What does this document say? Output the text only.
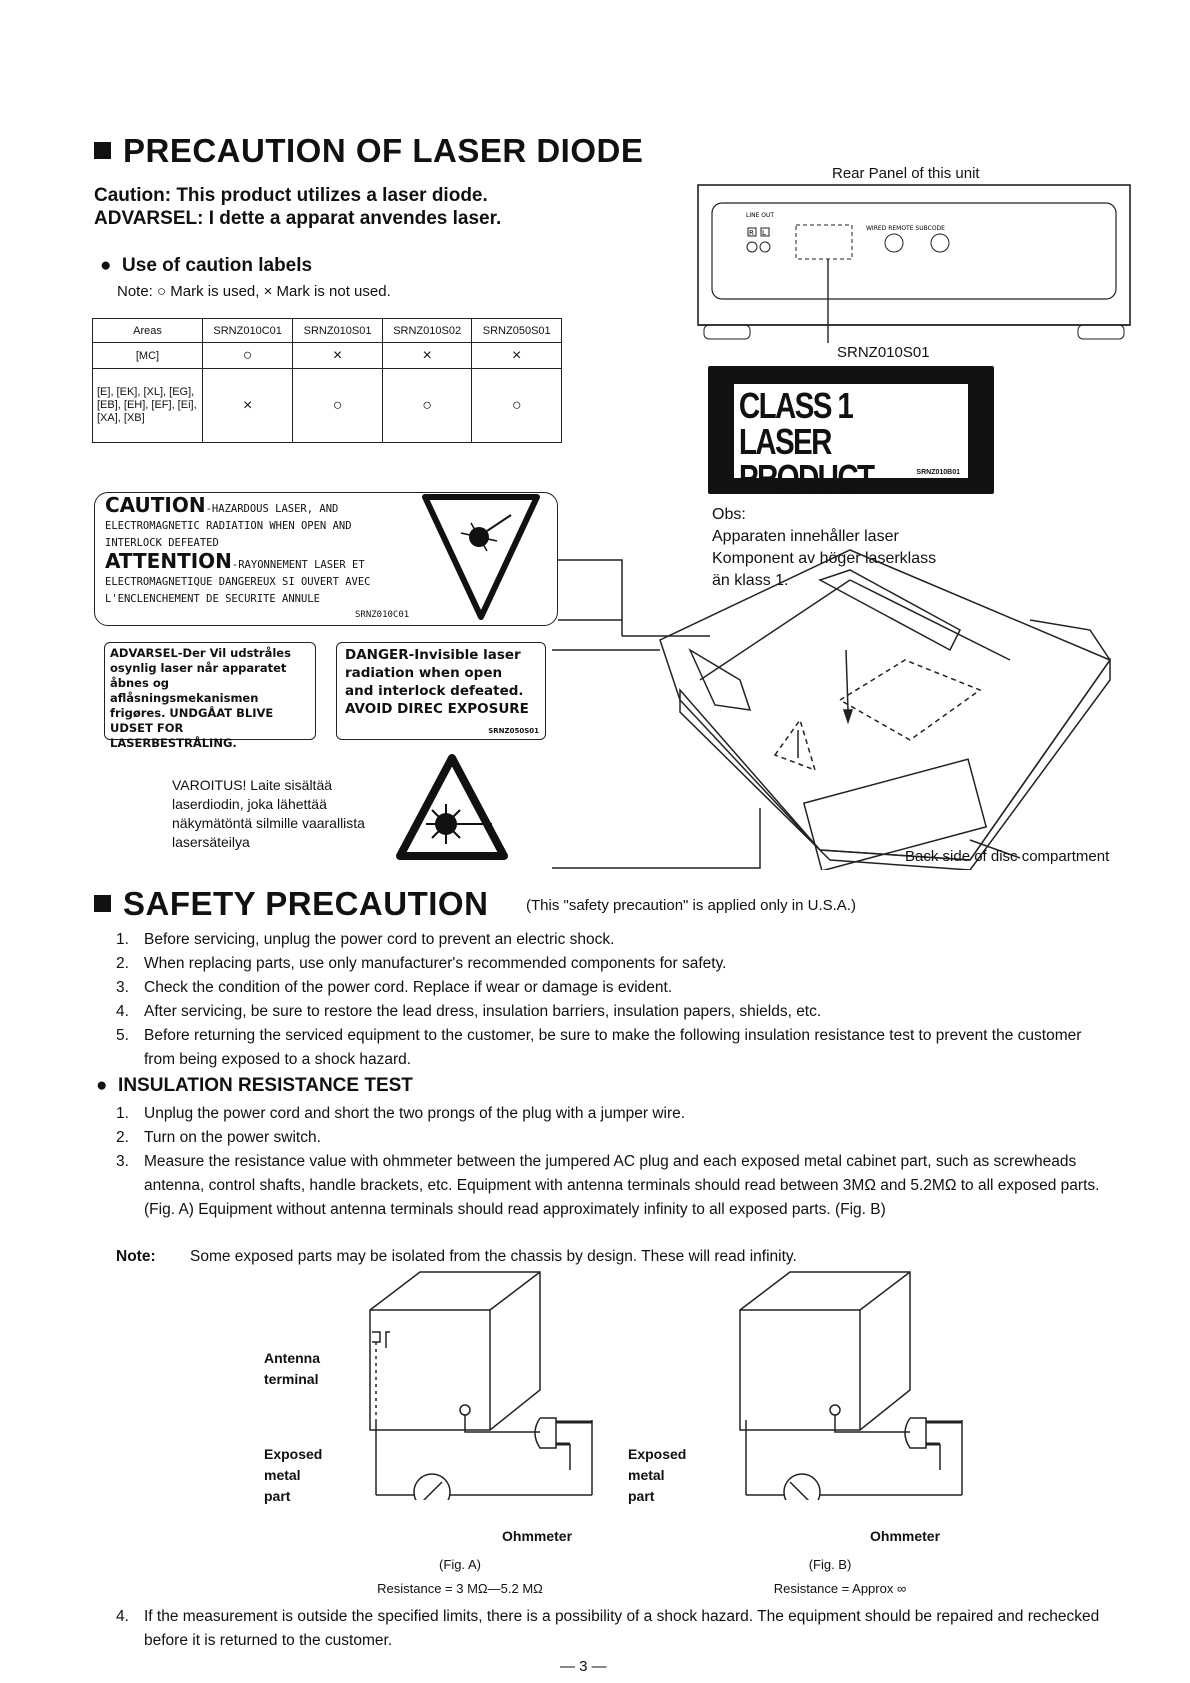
PRECAUTION OF LASER DIODE
Caution: This product utilizes a laser diode.
ADVARSEL: I dette a apparat anvendes laser.
● Use of caution labels
Note: ○ Mark is used, × Mark is not used.
Areas	SRNZ010C01	SRNZ010S01	SRNZ010S02	SRNZ050S01
[MC]	○	×	×	×
[E], [EK], [XL], [EG], [EB], [EH], [EF], [Ei], [XA], [XB]	×	○	○	○
Rear Panel of this unit
R L
LINE OUT
WIRED REMOTE SUBCODE
SRNZ010S01
CLASS 1
LASER PRODUCT	SRNZ010B01
Obs:
Apparaten innehåller laser
Komponent av höger laserklass
än klass 1.
CAUTION-HAZARDOUS LASER, AND ELECTROMAGNETIC RADIATION WHEN OPEN AND INTERLOCK DEFEATED
ATTENTION-RAYONNEMENT LASER ET ELECTROMAGNETIQUE DANGEREUX SI OUVERT AVEC L'ENCLENCHEMENT DE SECURITE ANNULE
SRNZ010C01
ADVARSEL-Der Vil udstråles osynlig laser når apparatet åbnes og aflåsningsmekanismen frigøres. UNDGÅAT BLIVE UDSET FOR LASERBESTRÅLING.
DANGER-Invisible laser radiation when open and interlock defeated. AVOID DIREC EXPOSURE
SRNZ050S01
VAROITUS! Laite sisältää laserdiodin, joka lähettää näkymätöntä silmille vaarallista lasersäteilya
Back side of disc compartment
SAFETY PRECAUTION	(This "safety precaution" is applied only in U.S.A.)
1. Before servicing, unplug the power cord to prevent an electric shock.
2. When replacing parts, use only manufacturer's recommended components for safety.
3. Check the condition of the power cord. Replace if wear or damage is evident.
4. After servicing, be sure to restore the lead dress, insulation barriers, insulation papers, shields, etc.
5. Before returning the serviced equipment to the customer, be sure to make the following insulation resistance test to prevent the customer from being exposed to a shock hazard.
● INSULATION RESISTANCE TEST
1. Unplug the power cord and short the two prongs of the plug with a jumper wire.
2. Turn on the power switch.
3. Measure the resistance value with ohmmeter between the jumpered AC plug and each exposed metal cabinet part, such as screwheads antenna, control shafts, handle brackets, etc. Equipment with antenna terminals should read between 3MΩ and 5.2MΩ to all exposed parts. (Fig. A) Equipment without antenna terminals should read approximately infinity to all exposed parts. (Fig. B)
Note: Some exposed parts may be isolated from the chassis by design. These will read infinity.
Antenna
terminal
Exposed
metal
part
Ohmmeter
(Fig. A)
Resistance = 3 MΩ—5.2 MΩ
Exposed
metal
part
Ohmmeter
(Fig. B)
Resistance = Approx ∞
4. If the measurement is outside the specified limits, there is a possibility of a shock hazard. The equipment should be repaired and rechecked before it is returned to the customer.
— 3 —
